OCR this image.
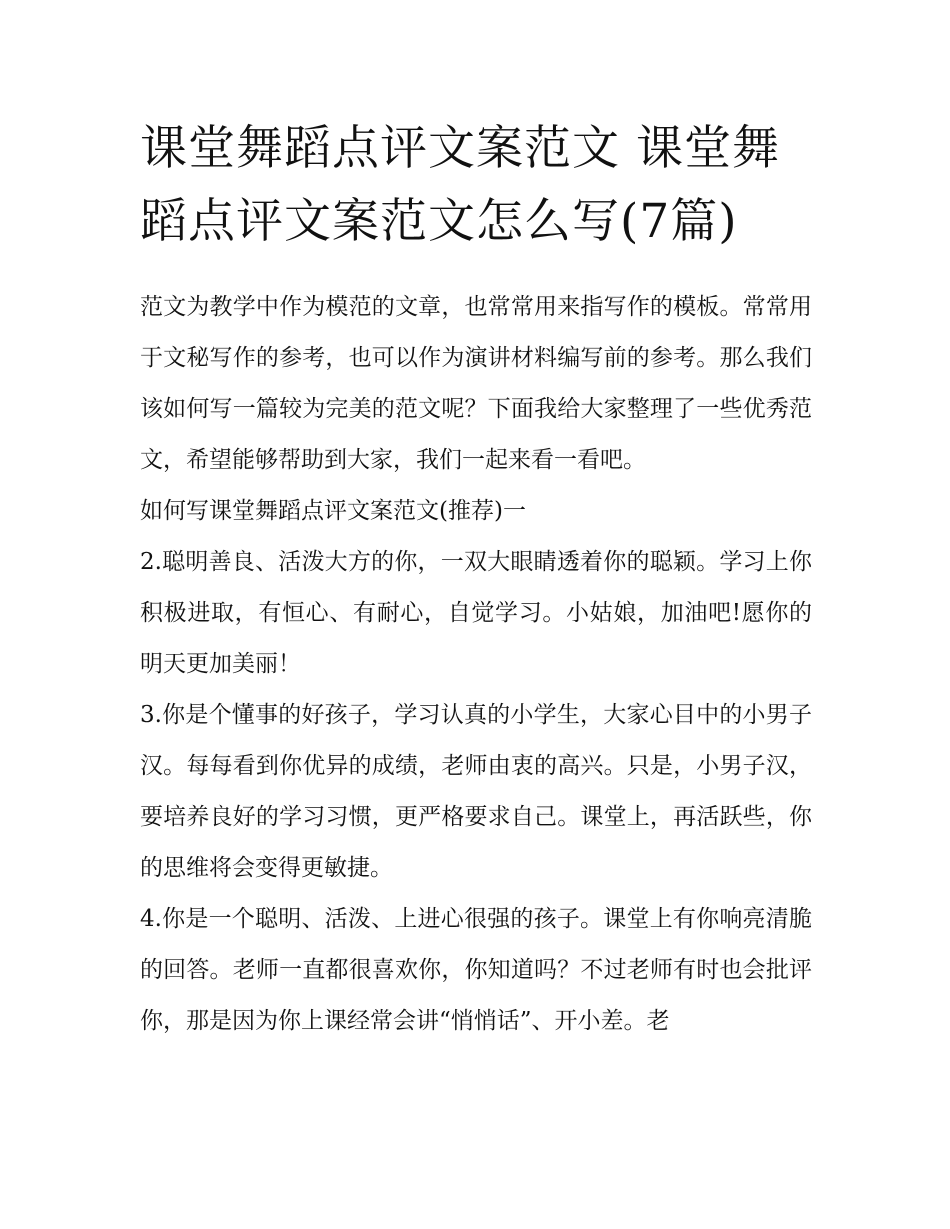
课堂舞蹈点评文案范文 课堂舞蹈点评文案范文怎么写(7篇)

范文为教学中作为模范的文章，也常常用来指写作的模板。常常用于文秘写作的参考，也可以作为演讲材料编写前的参考。那么我们该如何写一篇较为完美的范文呢？下面我给大家整理了一些优秀范文，希望能够帮助到大家，我们一起来看一看吧。

如何写课堂舞蹈点评文案范文(推荐)一

2.聪明善良、活泼大方的你，一双大眼睛透着你的聪颖。学习上你积极进取，有恒心、有耐心，自觉学习。小姑娘，加油吧!愿你的明天更加美丽！

3.你是个懂事的好孩子，学习认真的小学生，大家心目中的小男子汉。每每看到你优异的成绩，老师由衷的高兴。只是，小男子汉，要培养良好的学习习惯，更严格要求自己。课堂上，再活跃些，你的思维将会变得更敏捷。

4.你是一个聪明、活泼、上进心很强的孩子。课堂上有你响亮清脆的回答。老师一直都很喜欢你，你知道吗？不过老师有时也会批评你，那是因为你上课经常会讲“悄悄话”、开小差。老
